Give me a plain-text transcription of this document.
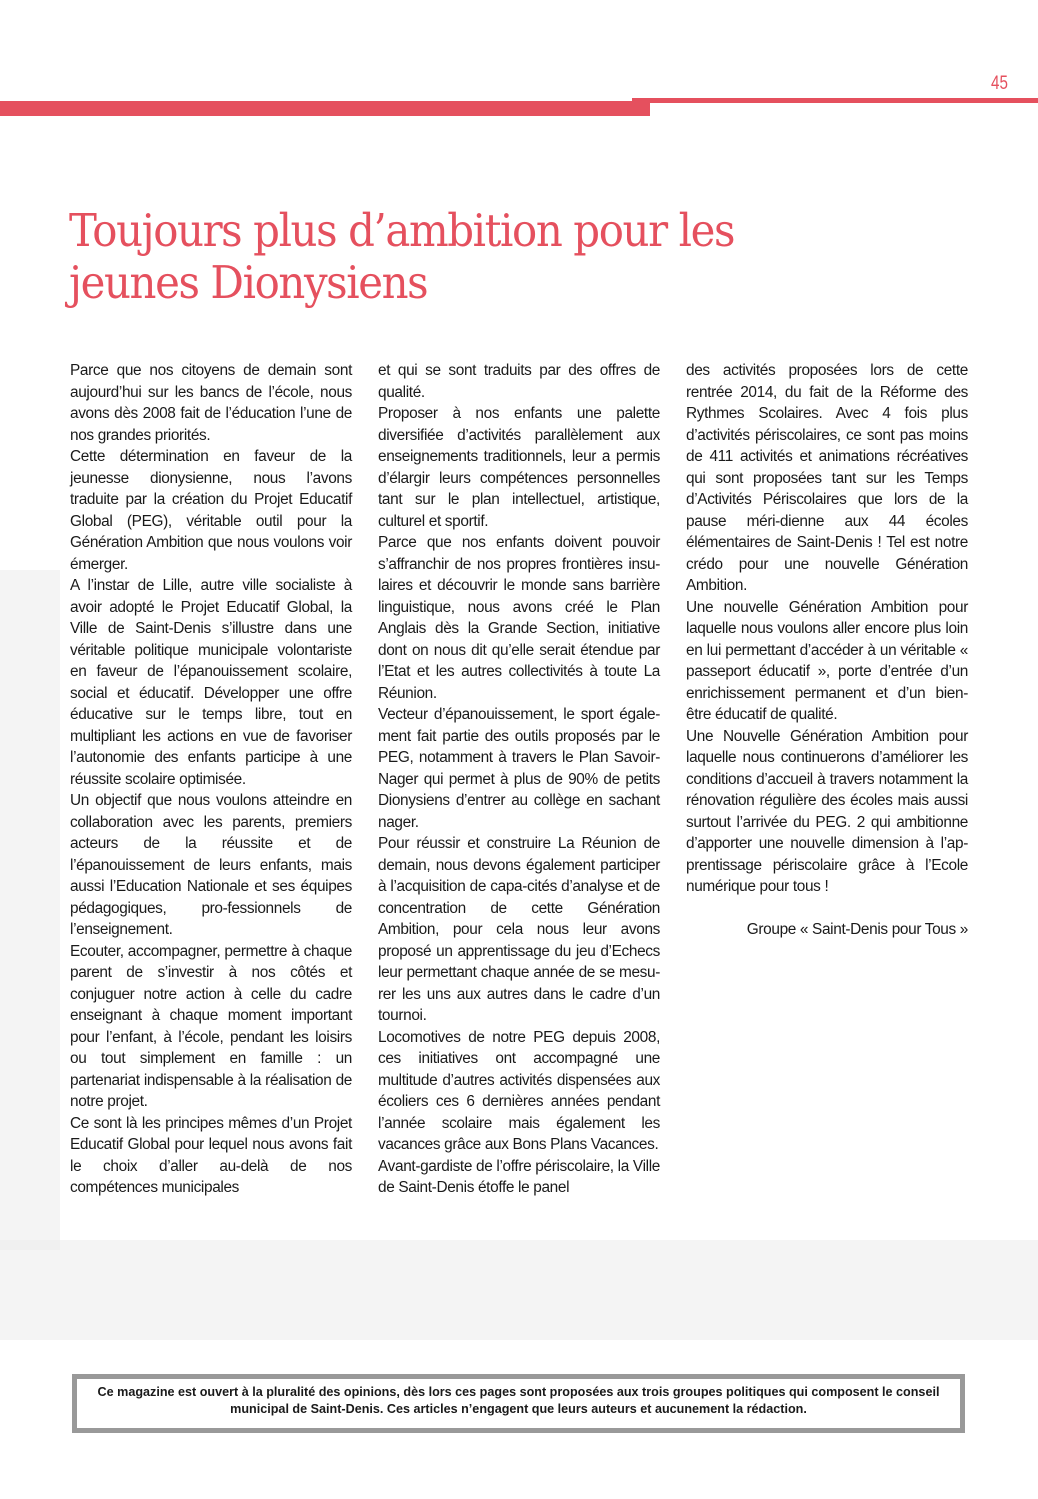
45
Toujours plus d’ambition pour les jeunes Dionysiens

Parce que nos citoyens de demain sont aujourd’hui sur les bancs de l’école, nous avons dès 2008 fait de l’éducation l’une de nos grandes priorités.

Cette détermination en faveur de la jeunesse dionysienne, nous l’avons traduite par la création du Projet Educatif Global (PEG), véritable outil pour la Génération Ambition que nous voulons voir émerger.

A l’instar de Lille, autre ville socialiste à avoir adopté le Projet Educatif Global, la Ville de Saint-Denis s’illustre dans une véritable politique municipale volontariste en faveur de l’épanouissement scolaire, social et éducatif. Développer une offre éducative sur le temps libre, tout en multipliant les actions en vue de favoriser l’autonomie des enfants participe à une réussite scolaire optimisée.

Un objectif que nous voulons atteindre en collaboration avec les parents, premiers acteurs de la réussite et de l’épanouissement de leurs enfants, mais aussi l’Education Nationale et ses équipes pédagogiques, pro-fessionnels de l’enseignement.

Ecouter, accompagner, permettre à chaque parent de s’investir à nos côtés et conjuguer notre action à celle du cadre enseignant à chaque moment important pour l’enfant, à l’école, pendant les loisirs ou tout simplement en famille : un partenariat indispensable à la réalisation de notre projet.

Ce sont là les principes mêmes d’un Projet Educatif Global pour lequel nous avons fait le choix d’aller au-delà de nos compétences municipales

et qui se sont traduits par des offres de qualité.

Proposer à nos enfants une palette diversifiée d’activités parallèlement aux enseignements traditionnels, leur a permis d’élargir leurs compétences personnelles tant sur le plan intellectuel, artistique, culturel et sportif.

Parce que nos enfants doivent pouvoir s’affranchir de nos propres frontières insu-laires et découvrir le monde sans barrière linguistique, nous avons créé le Plan Anglais dès la Grande Section, initiative dont on nous dit qu’elle serait étendue par l’Etat et les autres collectivités à toute La Réunion.

Vecteur d’épanouissement, le sport égale-ment fait partie des outils proposés par le PEG, notamment à travers le Plan Savoir-Nager qui permet à plus de 90% de petits Dionysiens d’entrer au collège en sachant nager.

Pour réussir et construire La Réunion de demain, nous devons également participer à l’acquisition de capa-cités d’analyse et de concentration de cette Génération Ambition, pour cela nous leur avons proposé un apprentissage du jeu d’Echecs leur permettant chaque année de se mesu-rer les uns aux autres dans le cadre d’un tournoi.

Locomotives de notre PEG depuis 2008, ces initiatives ont accompagné une multitude d’autres activités dispensées aux écoliers ces 6 dernières années pendant l’année scolaire mais également les vacances grâce aux Bons Plans Vacances.

Avant-gardiste de l’offre périscolaire, la Ville de Saint-Denis étoffe le panel

des activités proposées lors de cette rentrée 2014, du fait de la Réforme des Rythmes Scolaires. Avec 4 fois plus d’activités périscolaires, ce sont pas moins de 411 activités et animations récréatives qui sont proposées tant sur les Temps d’Activités Périscolaires que lors de la pause méri-dienne aux 44 écoles élémentaires de Saint-Denis ! Tel est notre crédo pour une nouvelle Génération Ambition.

Une nouvelle Génération Ambition pour laquelle nous voulons aller encore plus loin en lui permettant d’accéder à un véritable « passeport éducatif », porte d’entrée d’un enrichissement permanent et d’un bien-être éducatif de qualité.

Une Nouvelle Génération Ambition pour laquelle nous continuerons d’améliorer les conditions d’accueil à travers notamment la rénovation régulière des écoles mais aussi surtout l’arrivée du PEG. 2 qui ambitionne d’apporter une nouvelle dimension à l’ap-prentissage périscolaire grâce à l’Ecole numérique pour tous !

Groupe « Saint-Denis pour Tous »

Ce magazine est ouvert à la pluralité des opinions, dès lors ces pages sont proposées aux trois groupes politiques qui composent le conseil municipal de Saint-Denis. Ces articles n’engagent que leurs auteurs et aucunement la rédaction.
